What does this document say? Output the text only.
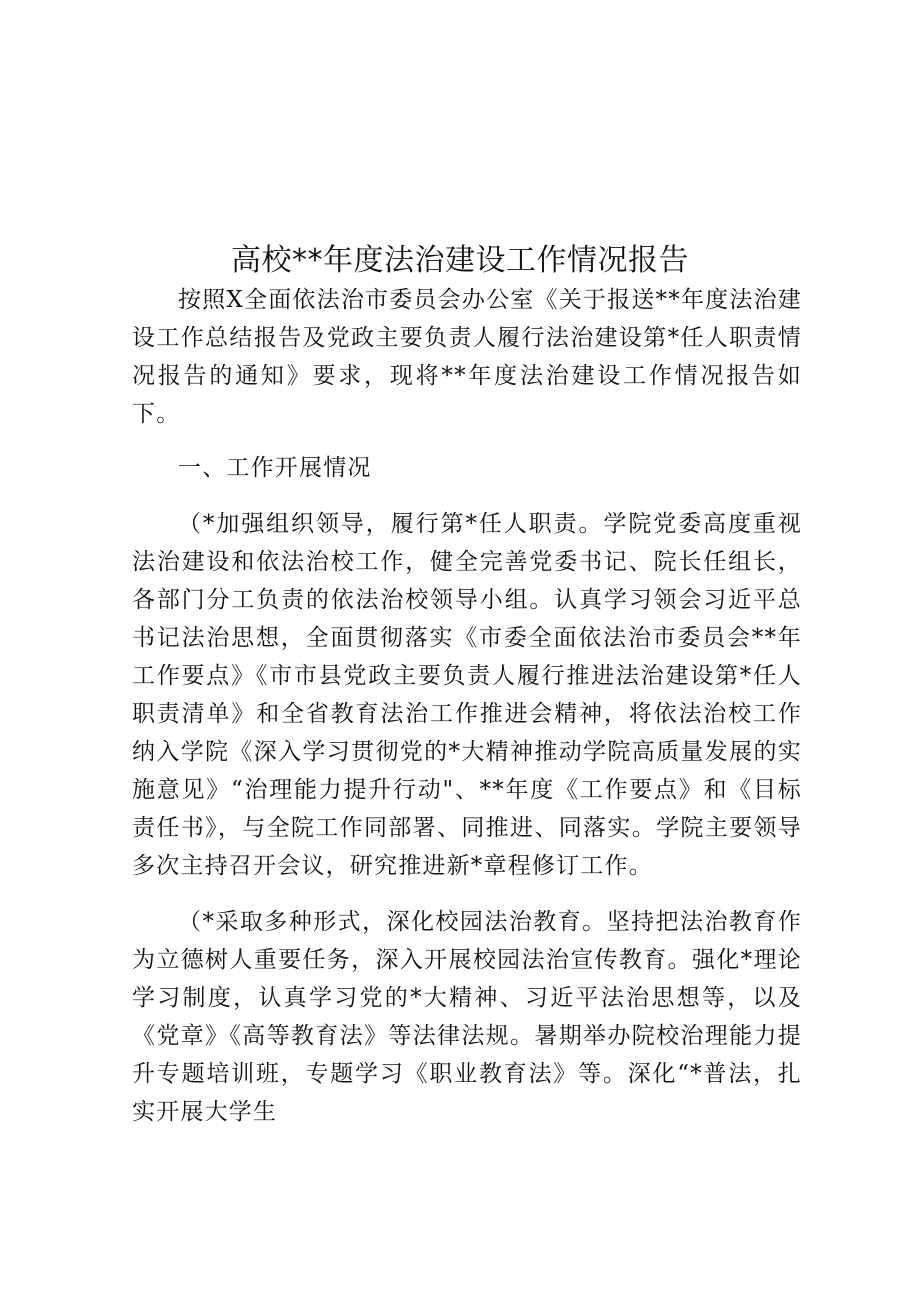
高校**年度法治建设工作情况报告

按照X全面依法治市委员会办公室《关于报送**年度法治建设工作总结报告及党政主要负责人履行法治建设第*任人职责情况报告的通知》要求，现将**年度法治建设工作情况报告如下。

一、工作开展情况

（*加强组织领导，履行第*任人职责。学院党委高度重视法治建设和依法治校工作，健全完善党委书记、院长任组长，各部门分工负责的依法治校领导小组。认真学习领会习近平总书记法治思想，全面贯彻落实《市委全面依法治市委员会**年工作要点》《市市县党政主要负责人履行推进法治建设第*任人职责清单》和全省教育法治工作推进会精神，将依法治校工作纳入学院《深入学习贯彻党的*大精神推动学院高质量发展的实施意见》“治理能力提升行动"、**年度《工作要点》和《目标责任书》，与全院工作同部署、同推进、同落实。学院主要领导多次主持召开会议，研究推进新*章程修订工作。

（*采取多种形式，深化校园法治教育。坚持把法治教育作为立德树人重要任务，深入开展校园法治宣传教育。强化*理论学习制度，认真学习党的*大精神、习近平法治思想等，以及《党章》《高等教育法》等法律法规。暑期举办院校治理能力提升专题培训班，专题学习《职业教育法》等。深化“*普法，扎实开展大学生
